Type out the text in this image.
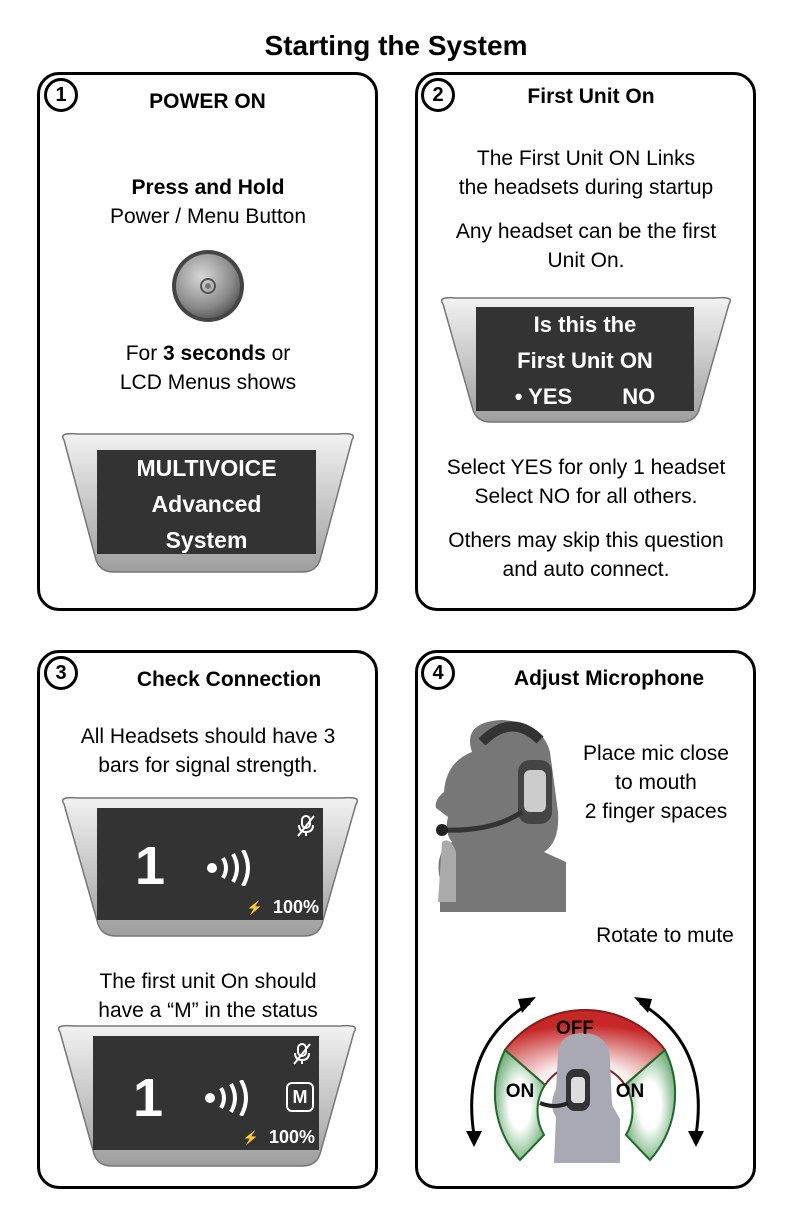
Starting the System
1	POWER ON
Press and Hold
Power / Menu Button
For 3 seconds or
LCD Menus shows
MULTIVOICE
Advanced
System
2	First Unit On
The First Unit ON Links
the headsets during startup
Any headset can be the first
Unit On.
Is this the
First Unit ON
• YES NO
Select YES for only 1 headset
Select NO for all others.
Others may skip this question
and auto connect.
3	Check Connection
All Headsets should have 3
bars for signal strength.
1
⚡ 100%
The first unit On should
have a “M” in the status
1	M
⚡ 100%
4	Adjust Microphone
Place mic close
to mouth
2 finger spaces
Rotate to mute
OFF
ON	ON
